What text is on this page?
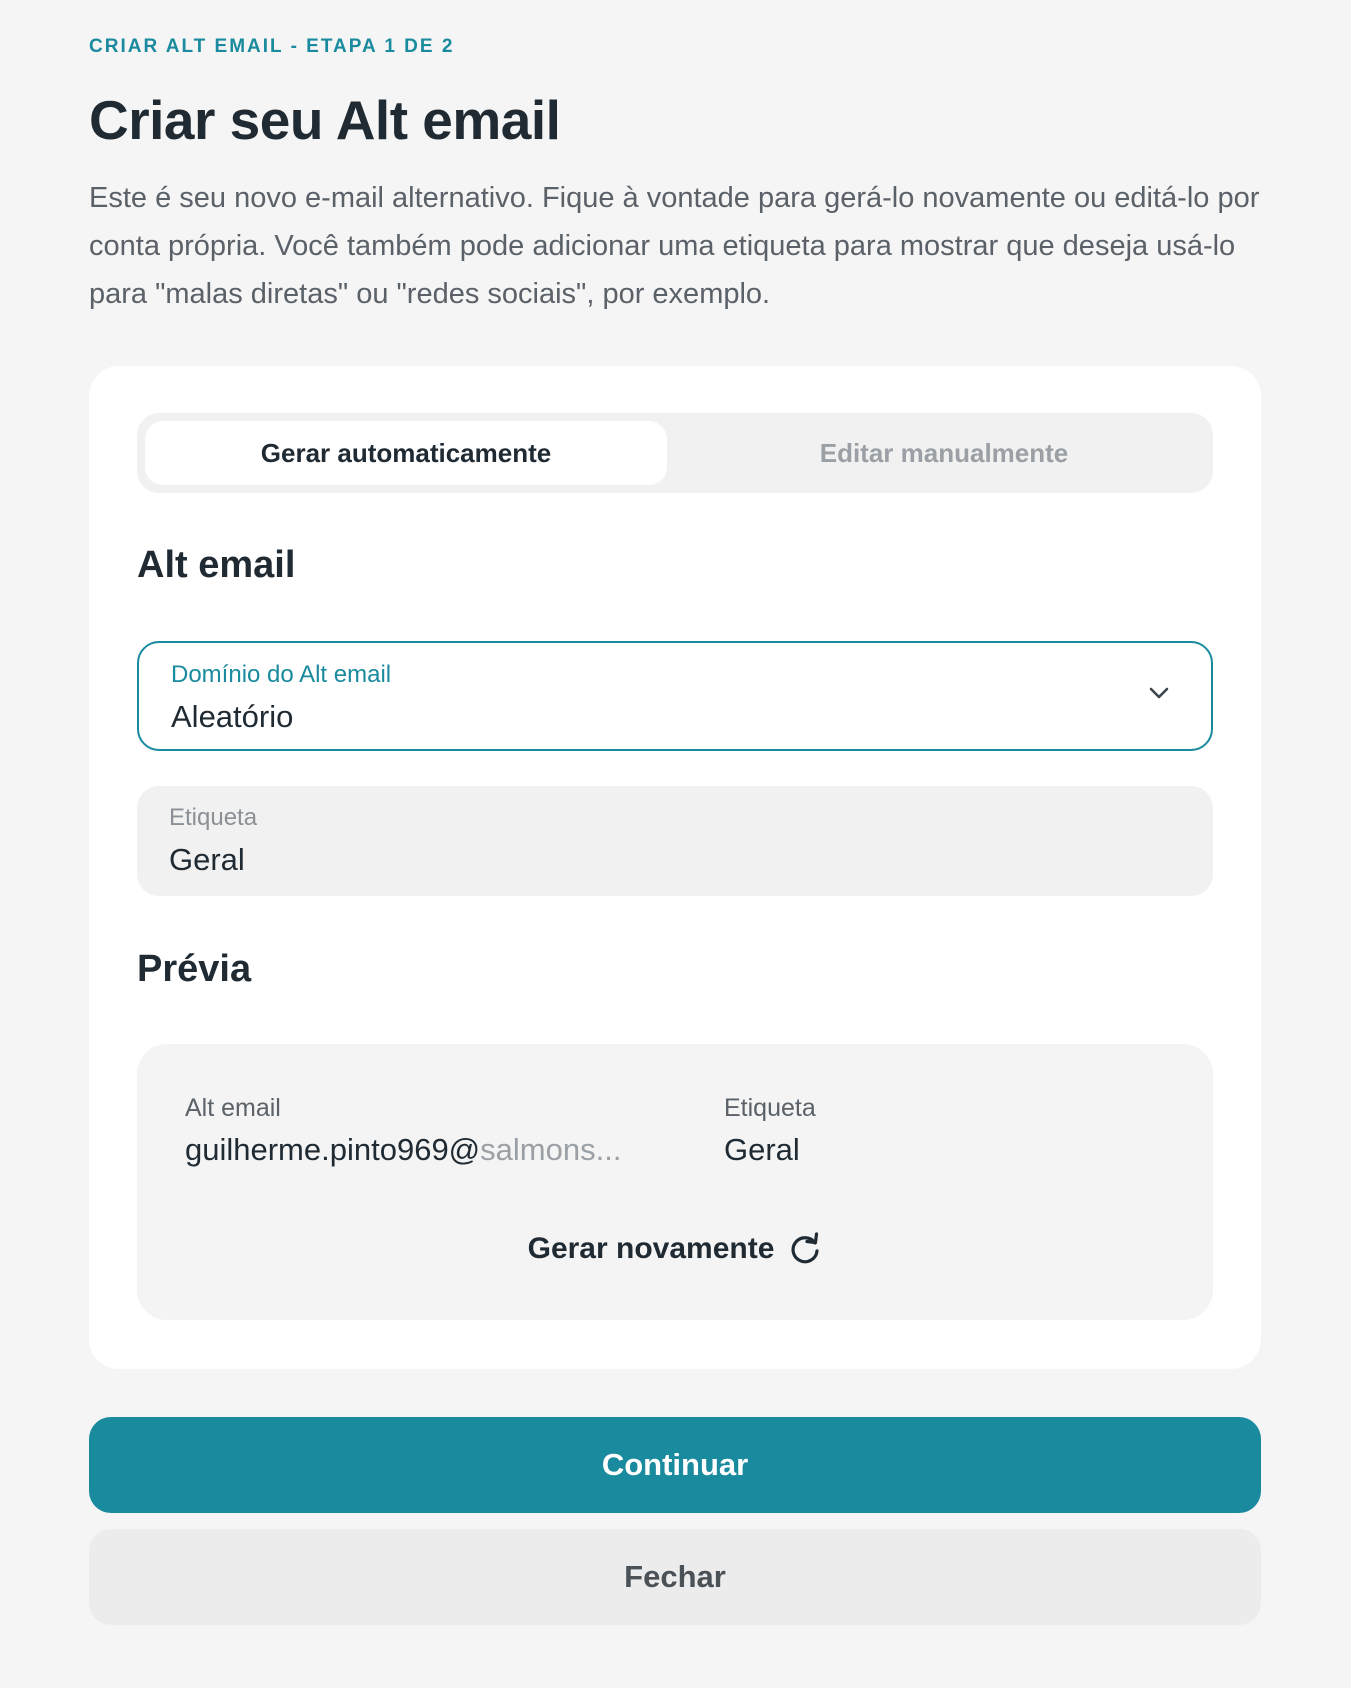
CRIAR ALT EMAIL - ETAPA 1 DE 2
Criar seu Alt email

Este é seu novo e-mail alternativo. Fique à vontade para gerá-lo novamente ou editá-lo por conta própria. Você também pode adicionar uma etiqueta para mostrar que deseja usá-lo para "malas diretas" ou "redes sociais", por exemplo.

Gerar automaticamente	Editar manualmente
Alt email
Domínio do Alt email
Aleatório
Etiqueta
Geral
Prévia
Alt email
guilherme.pinto969@salmons...
Etiqueta
Geral
Gerar novamente
Continuar
Fechar
